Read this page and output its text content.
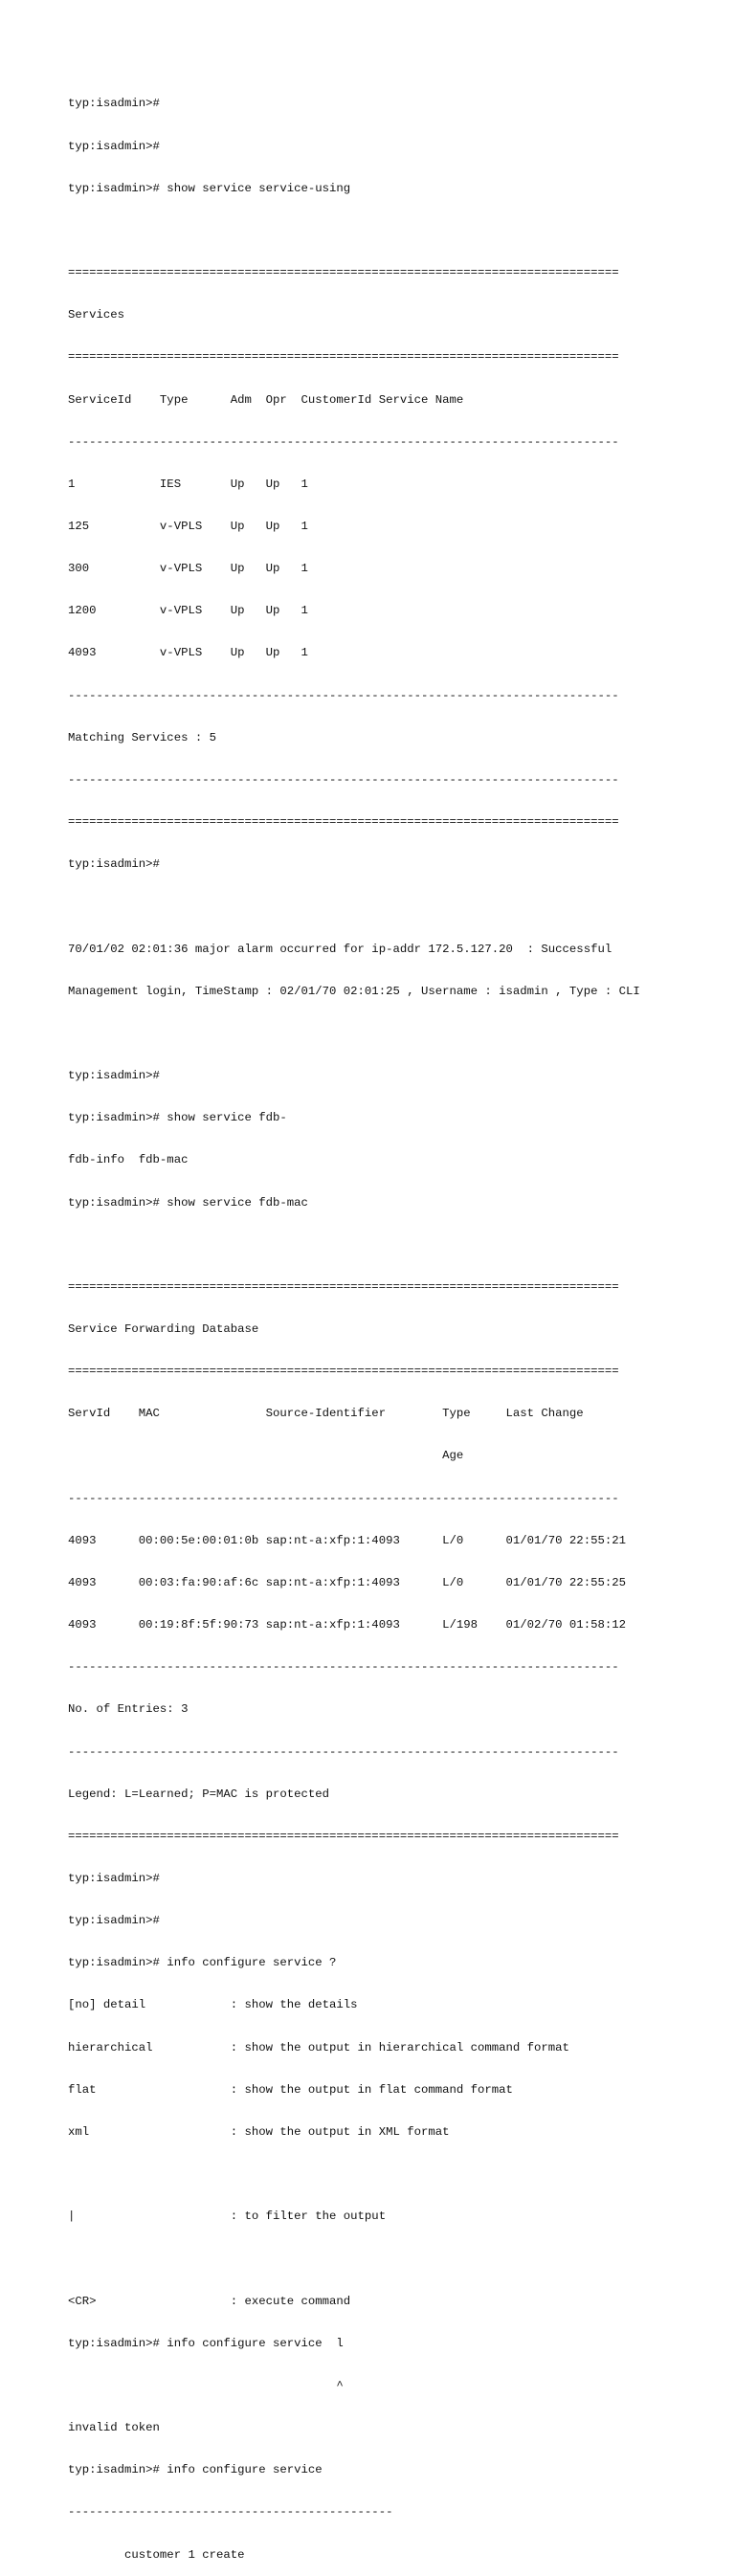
typ:isadmin>#

typ:isadmin>#

typ:isadmin># show service service-using

==============================================================================

Services

==============================================================================

ServiceId    Type      Adm  Opr  CustomerId Service Name

------------------------------------------------------------------------------

1            IES       Up   Up   1

125          v-VPLS    Up   Up   1

300          v-VPLS    Up   Up   1

1200         v-VPLS    Up   Up   1

4093         v-VPLS    Up   Up   1

------------------------------------------------------------------------------

Matching Services : 5

------------------------------------------------------------------------------

==============================================================================

typ:isadmin>#

70/01/02 02:01:36 major alarm occurred for ip-addr 172.5.127.20  : Successful

Management login, TimeStamp : 02/01/70 02:01:25 , Username : isadmin , Type : CLI

typ:isadmin>#

typ:isadmin># show service fdb-

fdb-info  fdb-mac

typ:isadmin># show service fdb-mac

==============================================================================

Service Forwarding Database

==============================================================================

ServId    MAC               Source-Identifier        Type     Last Change

Age

------------------------------------------------------------------------------

4093      00:00:5e:00:01:0b sap:nt-a:xfp:1:4093      L/0      01/01/70 22:55:21

4093      00:03:fa:90:af:6c sap:nt-a:xfp:1:4093      L/0      01/01/70 22:55:25

4093      00:19:8f:5f:90:73 sap:nt-a:xfp:1:4093      L/198    01/02/70 01:58:12

------------------------------------------------------------------------------

No. of Entries: 3

------------------------------------------------------------------------------

Legend: L=Learned; P=MAC is protected

==============================================================================

typ:isadmin>#

typ:isadmin>#

typ:isadmin># info configure service ?

[no] detail            : show the details

hierarchical           : show the output in hierarchical command format

flat                   : show the output in flat command format

xml                    : show the output in XML format

|                      : to filter the output

<CR>                   : execute command

typ:isadmin># info configure service  l

^

invalid token

typ:isadmin># info configure service

----------------------------------------------

customer 1 create
